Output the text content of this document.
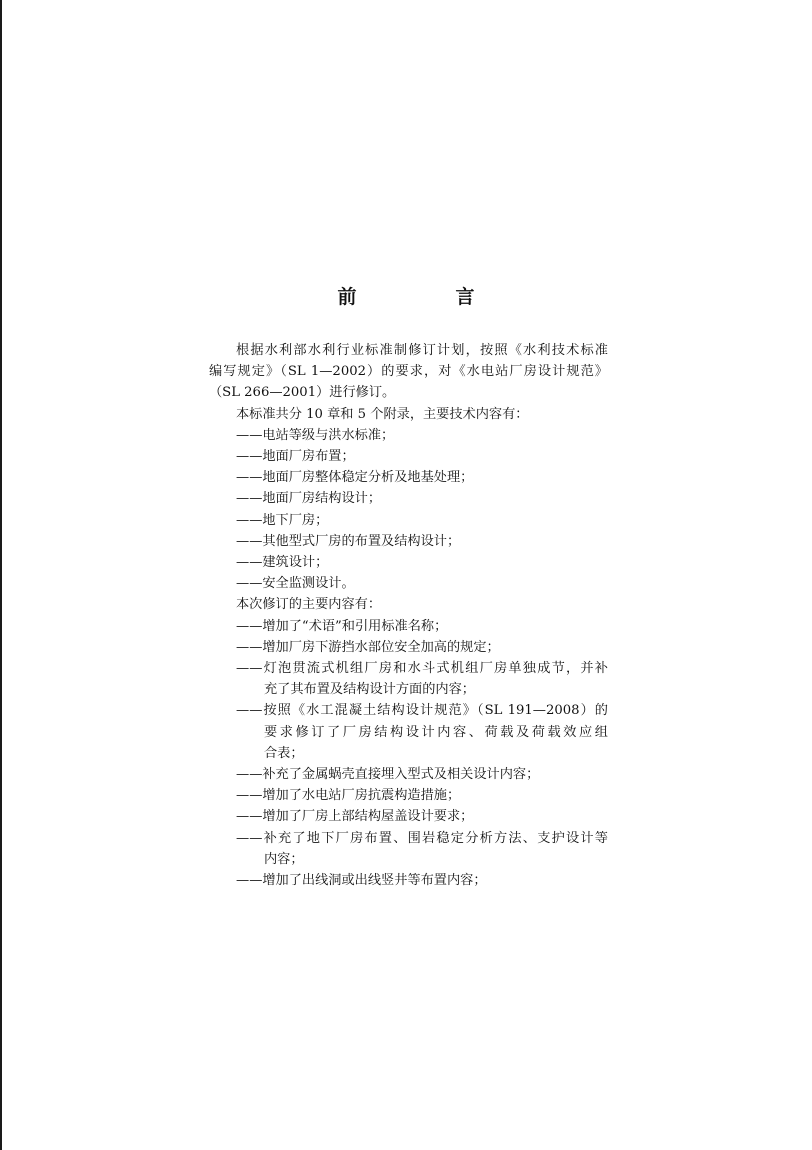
前　言
根据水利部水利行业标准制修订计划，按照《水利技术标准
编写规定》（SL 1—2002）的要求，对《水电站厂房设计规范》
（SL 266—2001）进行修订。
本标准共分 10 章和 5 个附录，主要技术内容有：
——电站等级与洪水标准；
——地面厂房布置；
——地面厂房整体稳定分析及地基处理；
——地面厂房结构设计；
——地下厂房；
——其他型式厂房的布置及结构设计；
——建筑设计；
——安全监测设计。
本次修订的主要内容有：
——增加了“术语”和引用标准名称；
——增加厂房下游挡水部位安全加高的规定；
——灯泡贯流式机组厂房和水斗式机组厂房单独成节，并补
充了其布置及结构设计方面的内容；
——按照《水工混凝土结构设计规范》（SL 191—2008）的
要求修订了厂房结构设计内容、荷载及荷载效应组
合表；
——补充了金属蜗壳直接埋入型式及相关设计内容；
——增加了水电站厂房抗震构造措施；
——增加了厂房上部结构屋盖设计要求；
——补充了地下厂房布置、围岩稳定分析方法、支护设计等
内容；
——增加了出线洞或出线竖井等布置内容；
